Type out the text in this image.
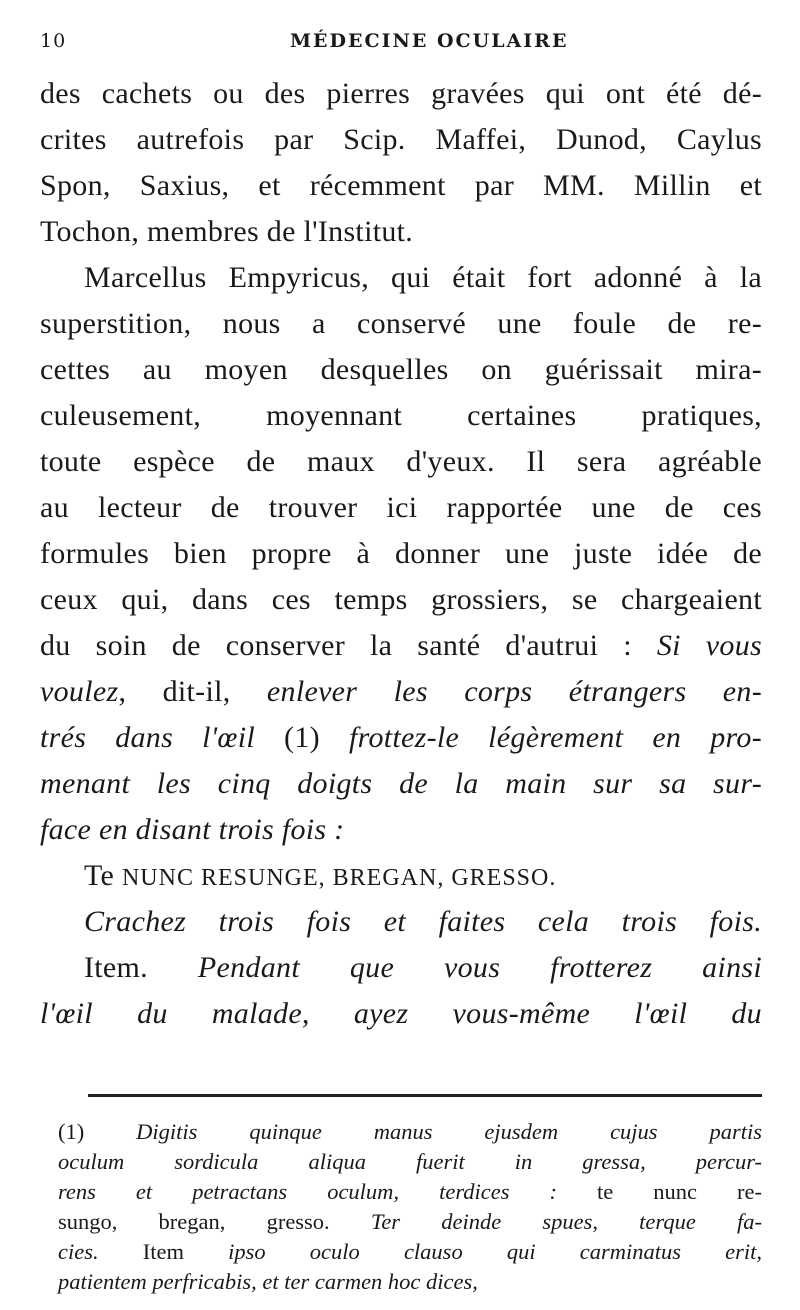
10	MÉDECINE OCULAIRE
des cachets ou des pierres gravées qui ont été dé-
crites autrefois par Scip. Maffei, Dunod, Caylus
Spon, Saxius, et récemment par MM. Millin et
Tochon, membres de l'Institut.
Marcellus Empyricus, qui était fort adonné à la
superstition, nous a conservé une foule de re-
cettes au moyen desquelles on guérissait mira-
culeusement, moyennant certaines pratiques,
toute espèce de maux d'yeux. Il sera agréable
au lecteur de trouver ici rapportée une de ces
formules bien propre à donner une juste idée de
ceux qui, dans ces temps grossiers, se chargeaient
du soin de conserver la santé d'autrui : Si vous
voulez, dit-il, enlever les corps étrangers en-
trés dans l'œil (1) frottez-le légèrement en pro-
menant les cinq doigts de la main sur sa sur-
face en disant trois fois :
Te NUNC RESUNGE, BREGAN, GRESSO.
Crachez trois fois et faites cela trois fois.
Item. Pendant que vous frotterez ainsi
l'œil du malade, ayez vous-même l'œil du
(1) Digitis quinque manus ejusdem cujus partis
oculum sordicula aliqua fuerit in gressa, percur-
rens et petractans oculum, terdices : te nunc re-
sungo, bregan, gresso. Ter deinde spues, terque fa-
cies. Item ipso oculo clauso qui carminatus erit,
patientem perfricabis, et ter carmen hoc dices,
